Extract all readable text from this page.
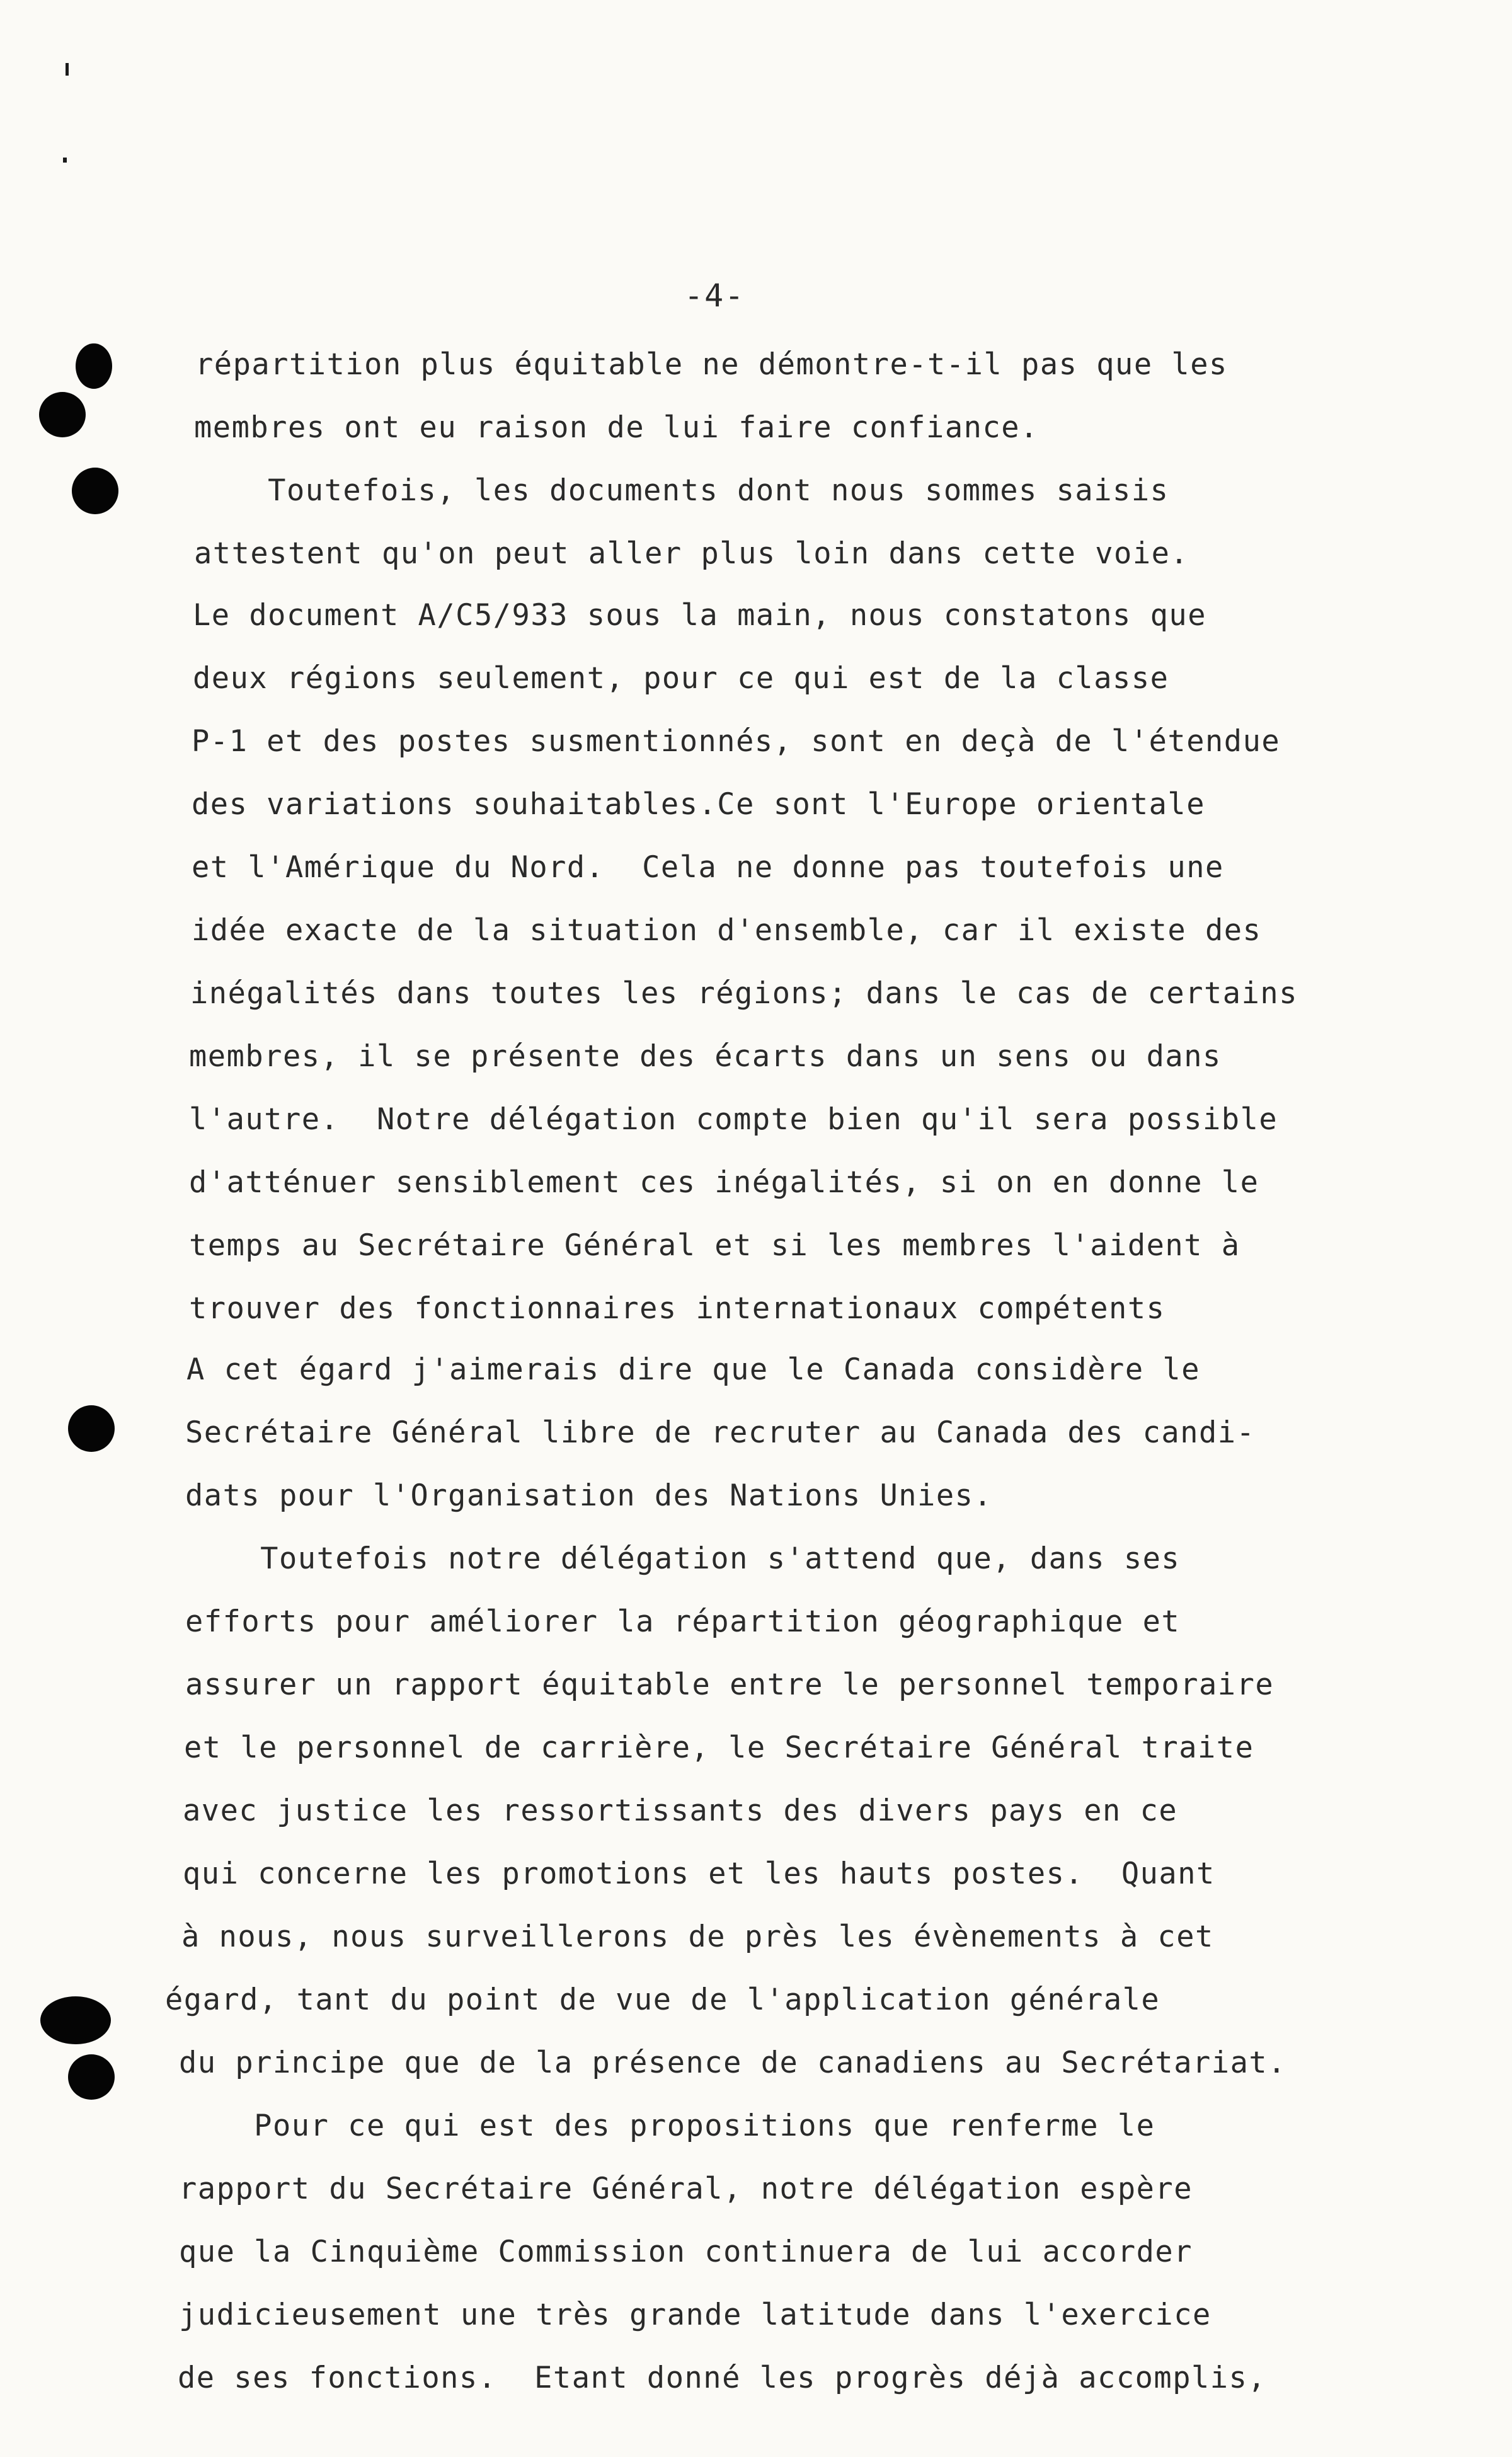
-4-
répartition plus équitable ne démontre-t-il pas que les
membres ont eu raison de lui faire confiance.
Toutefois, les documents dont nous sommes saisis
attestent qu'on peut aller plus loin dans cette voie.
Le document A/C5/933 sous la main, nous constatons que
deux régions seulement, pour ce qui est de la classe
P-1 et des postes susmentionnés, sont en deçà de l'étendue
des variations souhaitables.Ce sont l'Europe orientale
et l'Amérique du Nord.  Cela ne donne pas toutefois une
idée exacte de la situation d'ensemble, car il existe des
inégalités dans toutes les régions; dans le cas de certains
membres, il se présente des écarts dans un sens ou dans
l'autre.  Notre délégation compte bien qu'il sera possible
d'atténuer sensiblement ces inégalités, si on en donne le
temps au Secrétaire Général et si les membres l'aident à
trouver des fonctionnaires internationaux compétents
A cet égard j'aimerais dire que le Canada considère le
Secrétaire Général libre de recruter au Canada des candi-
dats pour l'Organisation des Nations Unies.
Toutefois notre délégation s'attend que, dans ses
efforts pour améliorer la répartition géographique et
assurer un rapport équitable entre le personnel temporaire
et le personnel de carrière, le Secrétaire Général traite
avec justice les ressortissants des divers pays en ce
qui concerne les promotions et les hauts postes.  Quant
à nous, nous surveillerons de près les évènements à cet
égard, tant du point de vue de l'application générale
du principe que de la présence de canadiens au Secrétariat.
Pour ce qui est des propositions que renferme le
rapport du Secrétaire Général, notre délégation espère
que la Cinquième Commission continuera de lui accorder
judicieusement une très grande latitude dans l'exercice
de ses fonctions.  Etant donné les progrès déjà accomplis,
